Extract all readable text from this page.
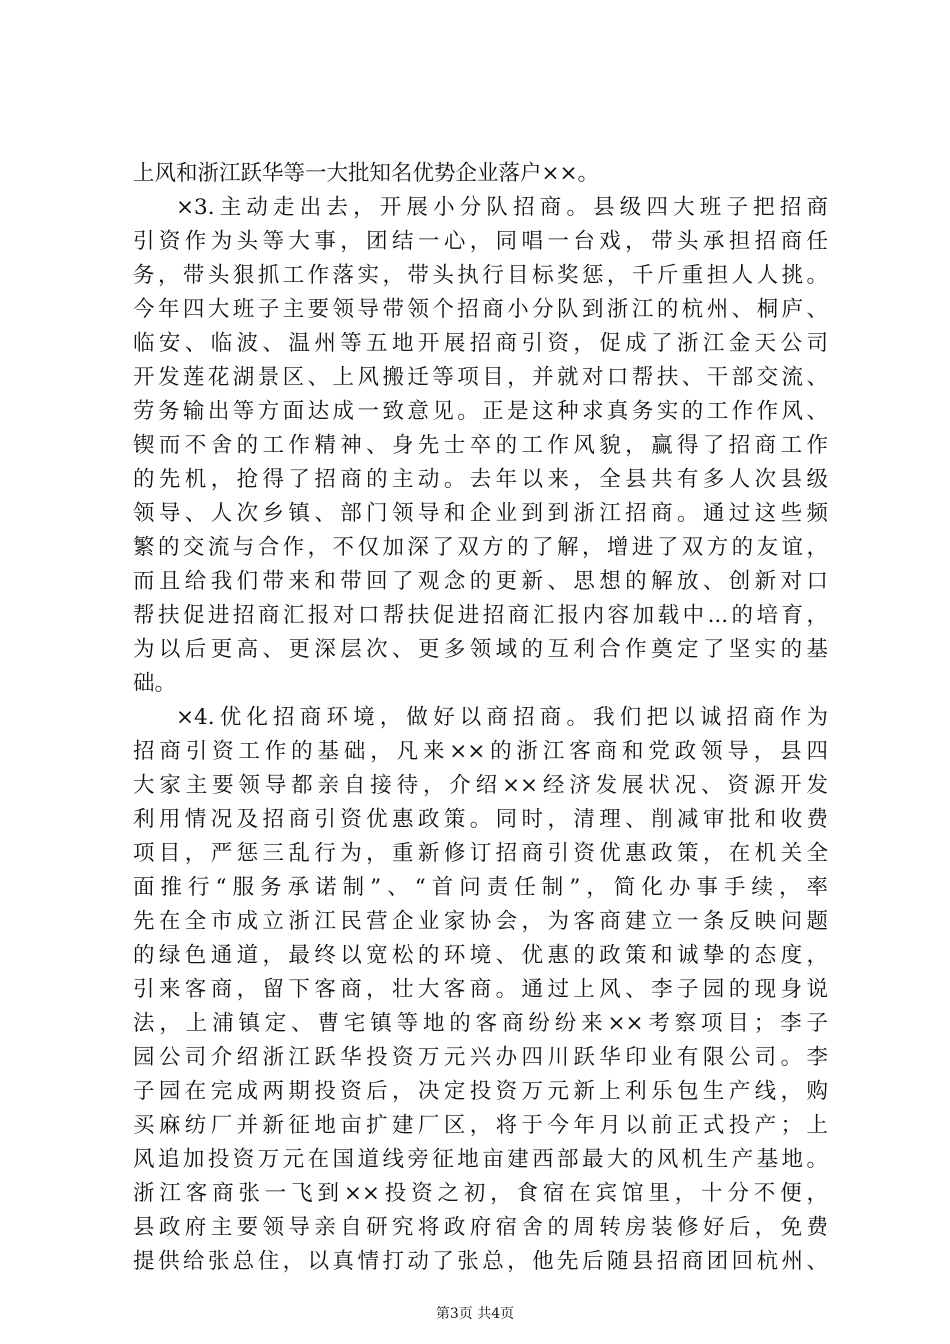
上风和浙江跃华等一大批知名优势企业落户××。
×3.主动走出去，开展小分队招商。县级四大班子把招商
引资作为头等大事，团结一心，同唱一台戏，带头承担招商任
务，带头狠抓工作落实，带头执行目标奖惩，千斤重担人人挑。
今年四大班子主要领导带领个招商小分队到浙江的杭州、桐庐、
临安、临波、温州等五地开展招商引资，促成了浙江金天公司
开发莲花湖景区、上风搬迁等项目，并就对口帮扶、干部交流、
劳务输出等方面达成一致意见。正是这种求真务实的工作作风、
锲而不舍的工作精神、身先士卒的工作风貌，赢得了招商工作
的先机，抢得了招商的主动。去年以来，全县共有多人次县级
领导、人次乡镇、部门领导和企业到到浙江招商。通过这些频
繁的交流与合作，不仅加深了双方的了解，增进了双方的友谊，
而且给我们带来和带回了观念的更新、思想的解放、创新对口
帮扶促进招商汇报对口帮扶促进招商汇报内容加载中...的培育，
为以后更高、更深层次、更多领域的互利合作奠定了坚实的基
础。
×4.优化招商环境，做好以商招商。我们把以诚招商作为
招商引资工作的基础，凡来××的浙江客商和党政领导，县四
大家主要领导都亲自接待，介绍××经济发展状况、资源开发
利用情况及招商引资优惠政策。同时，清理、削减审批和收费
项目，严惩三乱行为，重新修订招商引资优惠政策，在机关全
面推行“服务承诺制”、“首问责任制”，简化办事手续，率
先在全市成立浙江民营企业家协会，为客商建立一条反映问题
的绿色通道，最终以宽松的环境、优惠的政策和诚挚的态度，
引来客商，留下客商，壮大客商。通过上风、李子园的现身说
法，上浦镇定、曹宅镇等地的客商纷纷来××考察项目；李子
园公司介绍浙江跃华投资万元兴办四川跃华印业有限公司。李
子园在完成两期投资后，决定投资万元新上利乐包生产线，购
买麻纺厂并新征地亩扩建厂区，将于今年月以前正式投产；上
风追加投资万元在国道线旁征地亩建西部最大的风机生产基地。
浙江客商张一飞到××投资之初，食宿在宾馆里，十分不便，
县政府主要领导亲自研究将政府宿舍的周转房装修好后，免费
提供给张总住，以真情打动了张总，他先后随县招商团回杭州、
第3页 共4页
